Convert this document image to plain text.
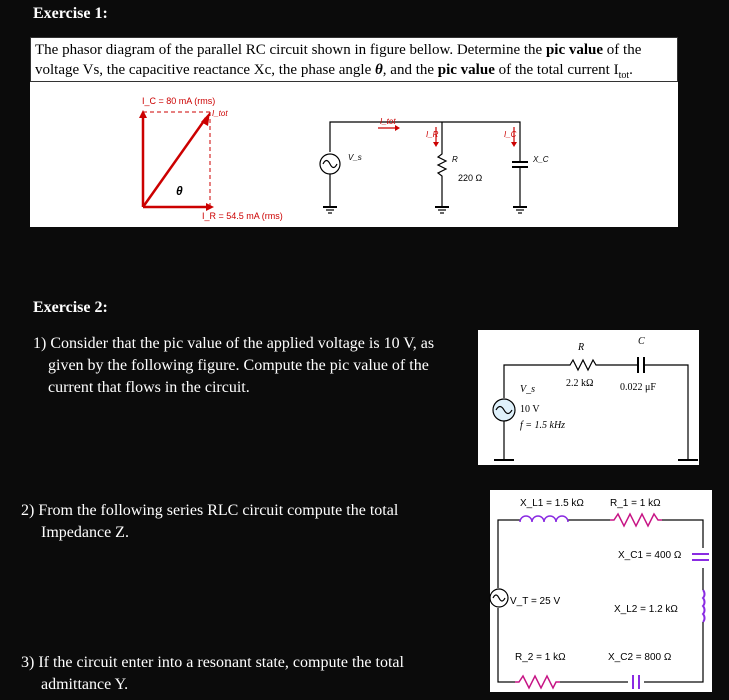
Exercise 1:
The phasor diagram of the parallel RC circuit shown in figure bellow. Determine the pic value of the
voltage Vs, the capacitive reactance Xc, the phase angle θ, and the pic value of the total current $I_{tot}$.
I_C = 80 mA (rms)
I_tot
I_R = 54.5 mA (rms)
θ
I_tot
V_s
I_R
R
I_C
X_C
220 Ω
Exercise 2:
1) Consider that the pic value of the applied voltage is 10 V, as
given by the following figure. Compute the pic value of the
current that flows in the circuit.
R
2.2 kΩ
C
0.022 μF
V_s
10 V
f = 1.5 kHz
2) From the following series RLC circuit compute the total
Impedance Z.
X_L1 = 1.5 kΩ	R_1 = 1 kΩ
X_C1 = 400 Ω
V_T = 25 V
X_L2 = 1.2 kΩ
R_2 = 1 kΩ	X_C2 = 800 Ω
3) If the circuit enter into a resonant state, compute the total
admittance Y.
